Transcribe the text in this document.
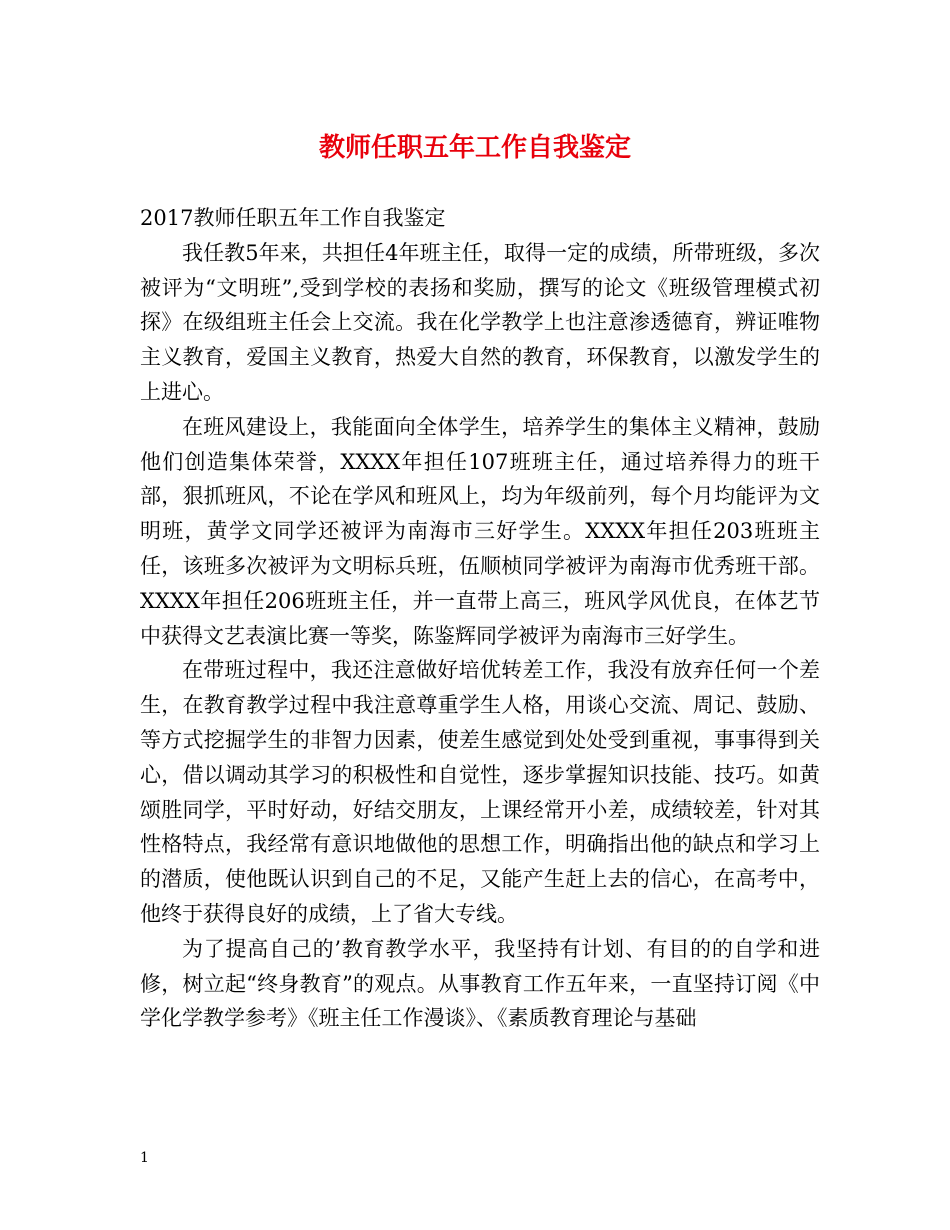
教师任职五年工作自我鉴定

2017教师任职五年工作自我鉴定

我任教5年来，共担任4年班主任，取得一定的成绩，所带班级，多次被评为“文明班”,受到学校的表扬和奖励，撰写的论文《班级管理模式初探》在级组班主任会上交流。我在化学教学上也注意渗透德育，辨证唯物主义教育，爱国主义教育，热爱大自然的教育，环保教育，以激发学生的上进心。

在班风建设上，我能面向全体学生，培养学生的集体主义精神，鼓励他们创造集体荣誉，XXXX年担任107班班主任，通过培养得力的班干部，狠抓班风，不论在学风和班风上，均为年级前列，每个月均能评为文明班，黄学文同学还被评为南海市三好学生。XXXX年担任203班班主任，该班多次被评为文明标兵班，伍顺桢同学被评为南海市优秀班干部。XXXX年担任206班班主任，并一直带上高三，班风学风优良，在体艺节中获得文艺表演比赛一等奖，陈鉴辉同学被评为南海市三好学生。

在带班过程中，我还注意做好培优转差工作，我没有放弃任何一个差生，在教育教学过程中我注意尊重学生人格，用谈心交流、周记、鼓励、等方式挖掘学生的非智力因素，使差生感觉到处处受到重视，事事得到关心，借以调动其学习的积极性和自觉性，逐步掌握知识技能、技巧。如黄颂胜同学，平时好动，好结交朋友，上课经常开小差，成绩较差，针对其性格特点，我经常有意识地做他的思想工作，明确指出他的缺点和学习上的潜质，使他既认识到自己的不足，又能产生赶上去的信心，在高考中，他终于获得良好的成绩，上了省大专线。

为了提高自己的’教育教学水平，我坚持有计划、有目的的自学和进修，树立起“终身教育”的观点。从事教育工作五年来，一直坚持订阅《中学化学教学参考》《班主任工作漫谈》、《素质教育理论与基础

1
